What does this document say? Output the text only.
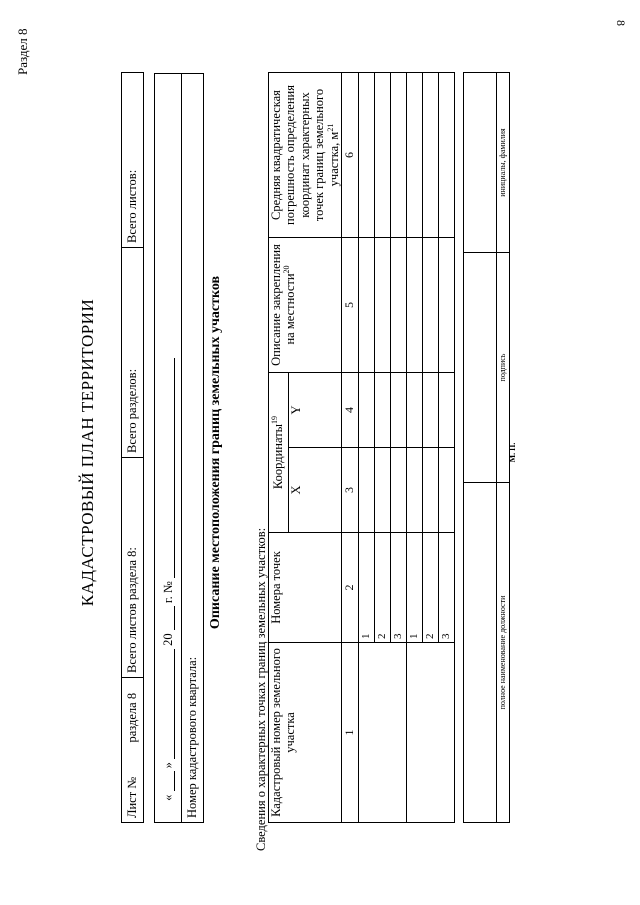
8
Раздел 8
КАДАСТРОВЫЙ ПЛАН ТЕРРИТОРИИ
Лист №  раздела 8	Всего листов раздела 8:	Всего разделов:	Всего листов:
«  »  20  г. №
Номер кадастрового квартала:
Описание местоположения границ земельных участков
Сведения о характерных точках границ земельных участков: Кадастровый номер земельного участка	Номера точек	Координаты$^{19}$		Описание закрепления на местности$^{20}$	Средняя квадратическая погрешность определения координат характерных точек границ земельного участка, $м^{21}$
		X	Y		
1	2	3	4	5	6
	1				
	2				
	3				
	1				
	2				
	3				
			полное наименование должности	подпись	инициалы, фамилия
М. П.
